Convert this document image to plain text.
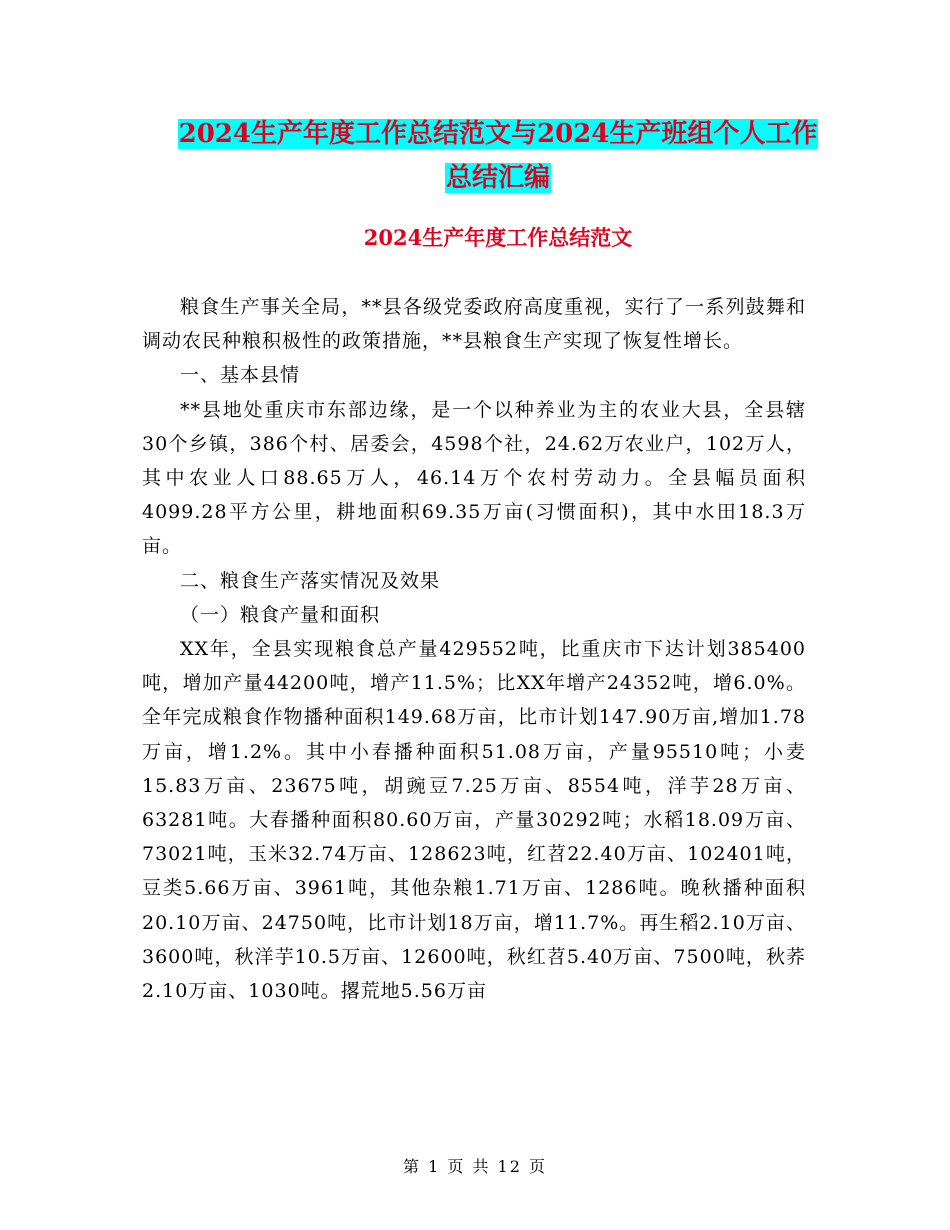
2024生产年度工作总结范文与2024生产班组个人工作
总结汇编
2024生产年度工作总结范文

粮食生产事关全局，**县各级党委政府高度重视，实行了一系列鼓舞和调动农民种粮积极性的政策措施，**县粮食生产实现了恢复性增长。

一、基本县情

**县地处重庆市东部边缘，是一个以种养业为主的农业大县，全县辖30个乡镇，386个村、居委会，4598个社，24.62万农业户，102万人，其中农业人口88.65万人，46.14万个农村劳动力。全县幅员面积4099.28平方公里，耕地面积69.35万亩(习惯面积)，其中水田18.3万亩。

二、粮食生产落实情况及效果

（一）粮食产量和面积

XX年，全县实现粮食总产量429552吨，比重庆市下达计划385400吨，增加产量44200吨，增产11.5%；比XX年增产24352吨，增6.0%。全年完成粮食作物播种面积149.68万亩，比市计划147.90万亩,增加1.78万亩，增1.2%。其中小春播种面积51.08万亩，产量95510吨；小麦15.83万亩、23675吨，胡豌豆7.25万亩、8554吨，洋芋28万亩、63281吨。大春播种面积80.60万亩，产量30292吨；水稻18.09万亩、73021吨，玉米32.74万亩、128623吨，红苕22.40万亩、102401吨，豆类5.66万亩、3961吨，其他杂粮1.71万亩、1286吨。晚秋播种面积20.10万亩、24750吨，比市计划18万亩，增11.7%。再生稻2.10万亩、3600吨，秋洋芋10.5万亩、12600吨，秋红苕5.40万亩、7500吨，秋荞2.10万亩、1030吨。撂荒地5.56万亩

第 1 页 共 12 页
